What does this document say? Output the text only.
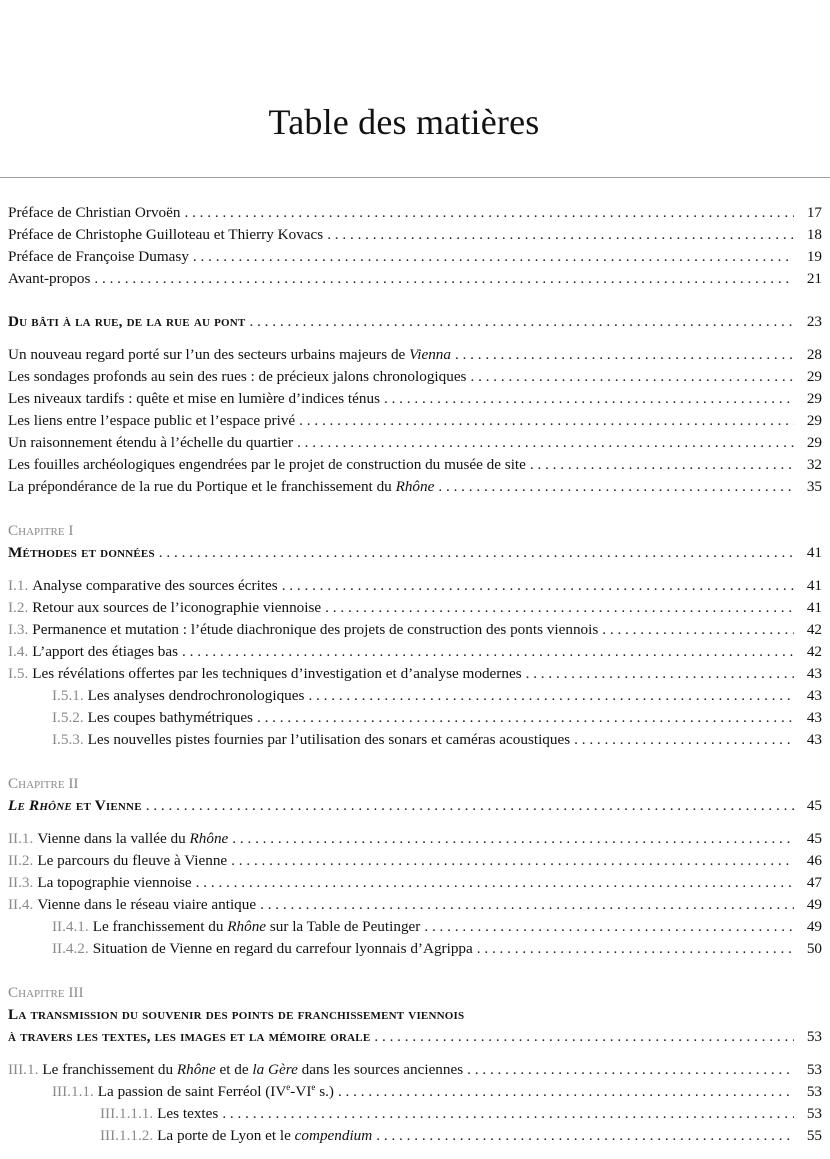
Table des matières
Préface de Christian Orvoën . . .	17
Préface de Christophe Guilloteau et Thierry Kovacs . . .	18
Préface de Françoise Dumasy . . .	19
Avant-propos . . .	21
Du bâti à la rue, de la rue au pont . . .	23
Un nouveau regard porté sur l’un des secteurs urbains majeurs de Vienna . . .	28
Les sondages profonds au sein des rues : de précieux jalons chronologiques . . .	29
Les niveaux tardifs : quête et mise en lumière d’indices ténus . . .	29
Les liens entre l’espace public et l’espace privé . . .	29
Un raisonnement étendu à l’échelle du quartier . . .	29
Les fouilles archéologiques engendrées par le projet de construction du musée de site . . .	32
La prépondérance de la rue du Portique et le franchissement du Rhône . . .	35
Chapitre I
Méthodes et données . . .	41
I.1. Analyse comparative des sources écrites . . .	41
I.2. Retour aux sources de l’iconographie viennoise . . .	41
I.3. Permanence et mutation : l’étude diachronique des projets de construction des ponts viennois . . .	42
I.4. L’apport des étiages bas . . .	42
I.5. Les révélations offertes par les techniques d’investigation et d’analyse modernes . . .	43
I.5.1. Les analyses dendrochronologiques . . .	43
I.5.2. Les coupes bathymétriques . . .	43
I.5.3. Les nouvelles pistes fournies par l’utilisation des sonars et caméras acoustiques . . .	43
Chapitre II
Le Rhône et Vienne . . .	45
II.1. Vienne dans la vallée du Rhône . . .	45
II.2. Le parcours du fleuve à Vienne . . .	46
II.3. La topographie viennoise . . .	47
II.4. Vienne dans le réseau viaire antique . . .	49
II.4.1. Le franchissement du Rhône sur la Table de Peutinger . . .	49
II.4.2. Situation de Vienne en regard du carrefour lyonnais d’Agrippa . . .	50
Chapitre III
La transmission du souvenir des points de franchissement viennois
à travers les textes, les images et la mémoire orale . . .	53
III.1. Le franchissement du Rhône et de la Gère dans les sources anciennes . . .	53
III.1.1. La passion de saint Ferréol (IVe-VIe s.) . . .	53
III.1.1.1. Les textes . . .	53
III.1.1.2. La porte de Lyon et le compendium . . .	55
